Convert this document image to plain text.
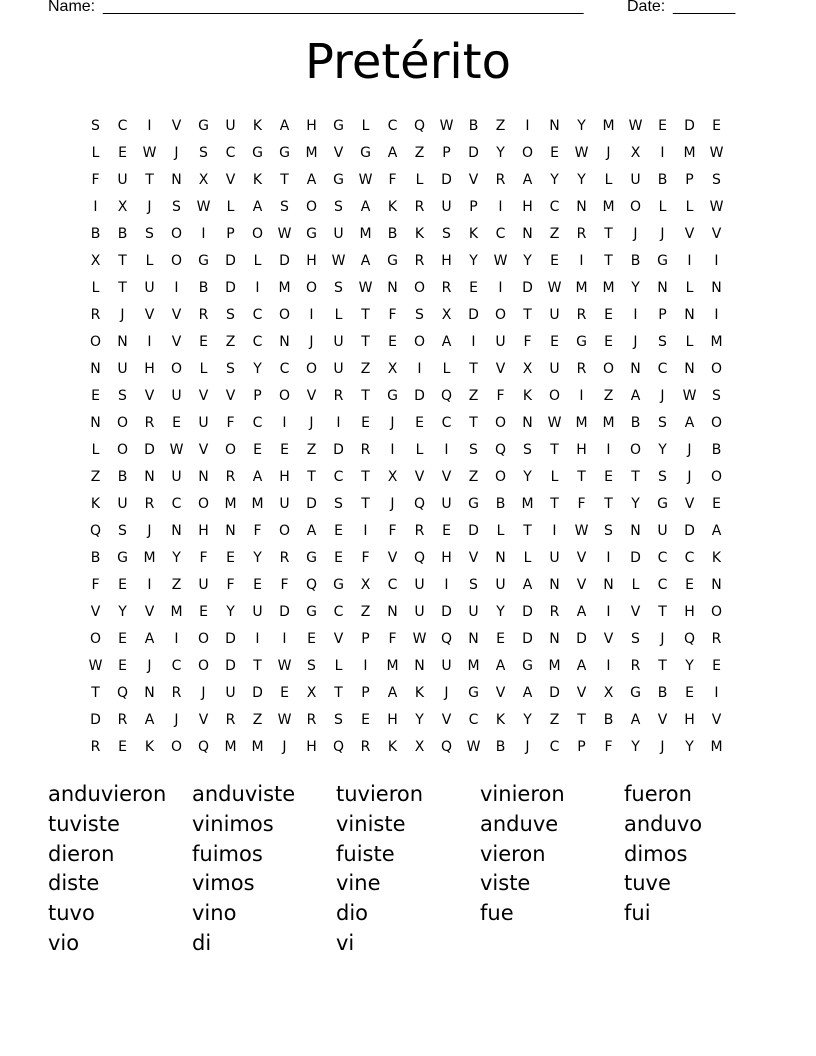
Name: ______________________________________________________	Date: _______
Pretérito
S	C	I	V	G	U	K	A	H	G	L	C	Q	W	B	Z	I	N	Y	M	W	E	D	E
L	E	W	J	S	C	G	G	M	V	G	A	Z	P	D	Y	O	E	W	J	X	I	M	W
F	U	T	N	X	V	K	T	A	G	W	F	L	D	V	R	A	Y	Y	L	U	B	P	S
I	X	J	S	W	L	A	S	O	S	A	K	R	U	P	I	H	C	N	M	O	L	L	W
B	B	S	O	I	P	O	W	G	U	M	B	K	S	K	C	N	Z	R	T	J	J	V	V
X	T	L	O	G	D	L	D	H	W	A	G	R	H	Y	W	Y	E	I	T	B	G	I	I
L	T	U	I	B	D	I	M	O	S	W	N	O	R	E	I	D	W	M	M	Y	N	L	N
R	J	V	V	R	S	C	O	I	L	T	F	S	X	D	O	T	U	R	E	I	P	N	I
O	N	I	V	E	Z	C	N	J	U	T	E	O	A	I	U	F	E	G	E	J	S	L	M
N	U	H	O	L	S	Y	C	O	U	Z	X	I	L	T	V	X	U	R	O	N	C	N	O
E	S	V	U	V	V	P	O	V	R	T	G	D	Q	Z	F	K	O	I	Z	A	J	W	S
N	O	R	E	U	F	C	I	J	I	E	J	E	C	T	O	N	W	M	M	B	S	A	O
L	O	D	W	V	O	E	E	Z	D	R	I	L	I	S	Q	S	T	H	I	O	Y	J	B
Z	B	N	U	N	R	A	H	T	C	T	X	V	V	Z	O	Y	L	T	E	T	S	J	O
K	U	R	C	O	M	M	U	D	S	T	J	Q	U	G	B	M	T	F	T	Y	G	V	E
Q	S	J	N	H	N	F	O	A	E	I	F	R	E	D	L	T	I	W	S	N	U	D	A
B	G	M	Y	F	E	Y	R	G	E	F	V	Q	H	V	N	L	U	V	I	D	C	C	K
F	E	I	Z	U	F	E	F	Q	G	X	C	U	I	S	U	A	N	V	N	L	C	E	N
V	Y	V	M	E	Y	U	D	G	C	Z	N	U	D	U	Y	D	R	A	I	V	T	H	O
O	E	A	I	O	D	I	I	E	V	P	F	W	Q	N	E	D	N	D	V	S	J	Q	R
W	E	J	C	O	D	T	W	S	L	I	M	N	U	M	A	G	M	A	I	R	T	Y	E
T	Q	N	R	J	U	D	E	X	T	P	A	K	J	G	V	A	D	V	X	G	B	E	I
D	R	A	J	V	R	Z	W	R	S	E	H	Y	V	C	K	Y	Z	T	B	A	V	H	V
R	E	K	O	Q	M	M	J	H	Q	R	K	X	Q	W	B	J	C	P	F	Y	J	Y	M
anduvieron	anduviste	tuvieron	vinieron	fueron
tuviste	vinimos	viniste	anduve	anduvo
dieron	fuimos	fuiste	vieron	dimos
diste	vimos	vine	viste	tuve
tuvo	vino	dio	fue	fui
vio	di	vi
